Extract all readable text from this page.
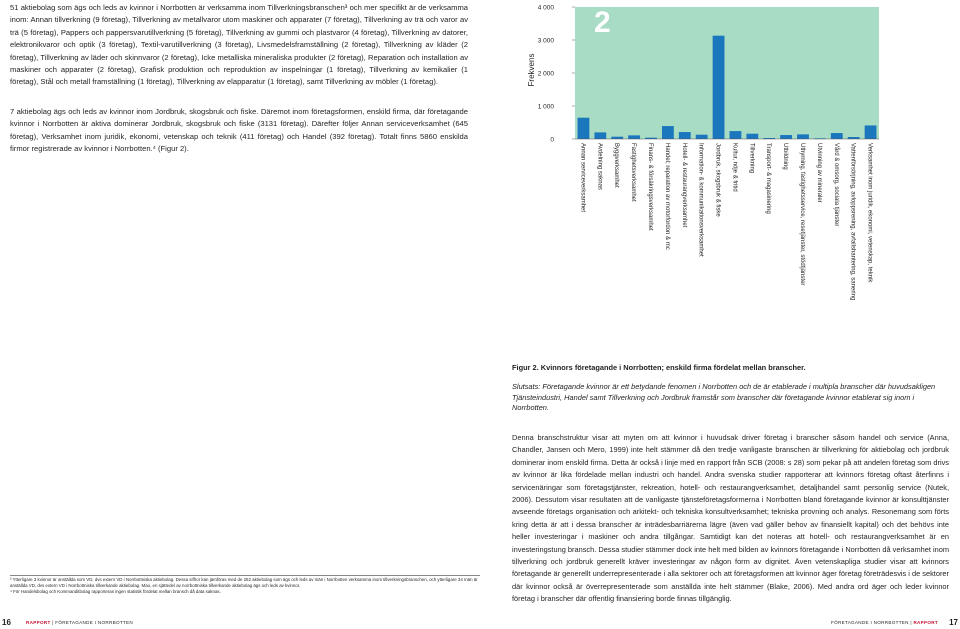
51 aktiebolag som ägs och leds av kvinnor i Norrbotten är verksamma inom Tillverkningsbranschen³ och mer specifikt är de verksamma inom: Annan tillverkning (9 företag), Tillverkning av metallvaror utom maskiner och apparater (7 företag), Tillverkning av trä och varor av trä (5 företag), Pappers och pappersvarutillverkning (5 företag), Tillverkning av gummi och plastvaror (4 företag), Tillverkning av datorer, elektronikvaror och optik (3 företag), Textil-varutillverkning (3 företag), Livsmedelsframställning (2 företag), Tillverkning av kläder (2 företag), Tillverkning av läder och skinnvaror (2 företag), Icke metalliska mineraliska produkter (2 företag), Reparation och installation av maskiner och apparater (2 företag), Grafisk produktion och reproduktion av inspelningar (1 företag), Tillverkning av kemikalier (1 företag), Stål och metall framställning (1 företag), Tillverkning av elapparatur (1 företag), samt Tillverkning av möbler (1 företag).

7 aktiebolag ägs och leds av kvinnor inom Jordbruk, skogsbruk och fiske. Däremot inom företagsformen, enskild firma, där företagande kvinnor i Norrbotten är aktiva dominerar Jordbruk, skogsbruk och fiske (3131 företag). Därefter följer Annan serviceverksamhet (645 företag), Verksamhet inom juridik, ekonomi, vetenskap och teknik (411 företag) och Handel (392 företag). Totalt finns 5860 enskilda firmor registrerade av kvinnor i Norrbotten.⁴ (Figur 2).

³ Ytterligare 3 kvinnor är anställda som VD, dvs extern VD i Norrbottniska aktiebolag. Dessa siffror kan jämföras med de 252 aktiebolag som ägs och leds av män i Norrbotten verksamma inom tillverkningsbranschen, och ytterligare 34 män är anställda VD, dvs extern VD i Norrbottniska tillverkande aktiebolag. Mao, en sjättedel av norrbottniska tillverkande aktiebolag ägs och leds av kvinnor.

⁴ För Handelsbolag och Kommanditbolag rapporteras ingen statistik fördelat mellan bransch då data saknas.

16	RAPPORT | FÖRETAGANDE I NORRBOTTEN
0
1 000
2 000
3 000
4 000
Annan serviceverksamhet Avdelning saknas Byggverksamhet Fastighetsverksamhet Finans- & försäkringsverksamhet Handel; reparation av motorfordon & mc Hotell- & restaurangverksamhet Information- & kommunikationsverksamhet Jordbruk, skogsbruk & fiske Kultur, nöje & fritid Tillverkning Transport- & magasinering Utbildning Uthyrning, fastighetsservice, resetjänster, stödtjänster Utvinning av mineraler Vård & omsorg, sociala tjänster Vattenförsörjning, avloppsrening, avfallshantering, sanering Verksamhet inom juridik, ekonomi, vetenskap, teknik
2
Frekvens
Figur 2. Kvinnors företagande i Norrbotten; enskild firma fördelat mellan branscher.
Slutsats: Företagande kvinnor är ett betydande fenomen i Norrbotten och de är etablerade i multipla branscher där huvudsakligen Tjänsteindustri, Handel samt Tillverkning och Jordbruk framstår som branscher där företagande kvinnor etablerat sig inom i Norrbotten.

Denna branschstruktur visar att myten om att kvinnor i huvudsak driver företag i branscher såsom handel och service (Anna, Chandler, Jansen och Mero, 1999) inte helt stämmer då den tredje vanligaste branschen är tillverkning för aktiebolag och jordbruk dominerar inom enskild firma. Detta är också i linje med en rapport från SCB (2008: s 28) som pekar på att andelen företag som drivs av kvinnor är lika fördelade mellan industri och handel. Andra svenska studier rapporterar att kvinnors företag oftast återfinns i servicenäringar som företagstjänster, rekreation, hotell- och restaurangverksamhet, detaljhandel samt personlig service (Nutek, 2006). Dessutom visar resultaten att de vanligaste tjänsteföretagsformerna i Norrbotten bland företagande kvinnor är konsulttjänster avseende företags organisation och arkitekt- och tekniska konsultverksamhet; tekniska provning och analys. Resonemang som förts kring detta är att i dessa branscher är inträdesbarriärerna lägre (även vad gäller behov av finansiellt kapital) och det behövs inte heller investeringar i maskiner och andra tillgångar. Samtidigt kan det noteras att hotell- och restaurangverksamhet är en investeringstung bransch. Dessa studier stämmer dock inte helt med bilden av kvinnors företagande i Norrbotten då verksamhet inom tillverkning och jordbruk generellt kräver investeringar av någon form av dignitet. Även vetenskapliga studier visar att kvinnors företagande är generellt underrepresenterade i alla sektorer och att företagsformen att kvinnor äger företag företrädesvis i de sektorer där kvinnor också är överrepresenterade som anställda inte helt stämmer (Blake, 2006). Med andra ord äger och leder kvinnor företag i branscher där offentlig finansiering borde finnas tillgänglig.

FÖRETAGANDE I NORRBOTTEN | RAPPORT 17
